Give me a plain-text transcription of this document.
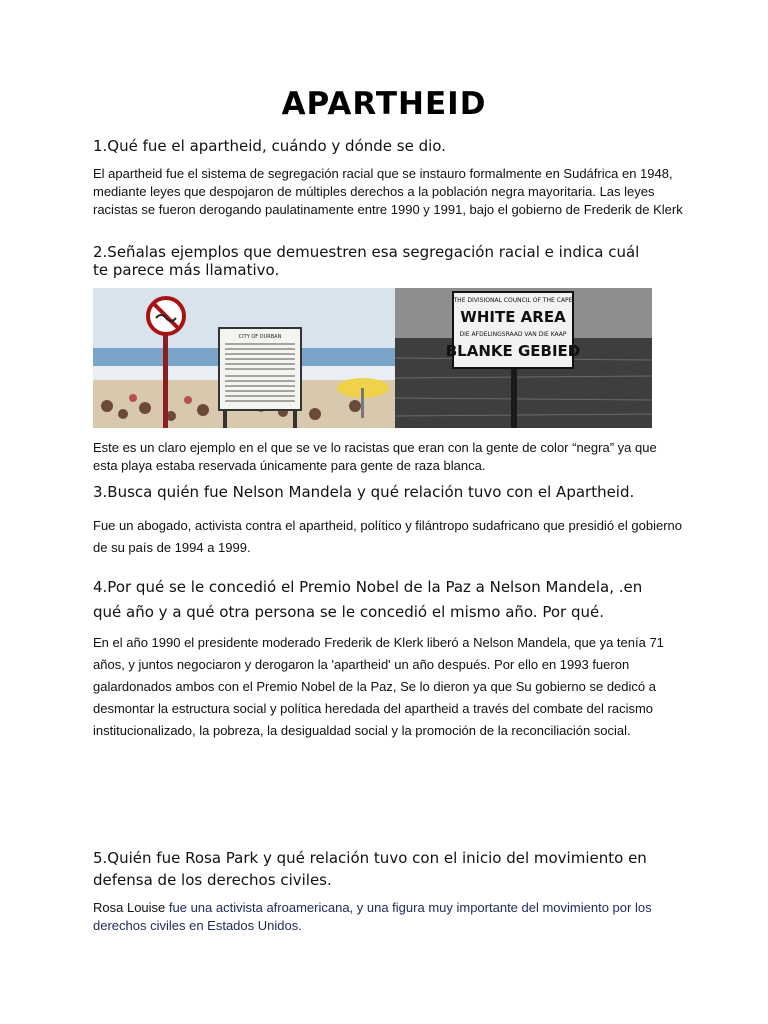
APARTHEID
1.Qué fue el apartheid, cuándo y dónde se dio.
El apartheid fue el sistema de segregación racial que se instauro formalmente en Sudáfrica en 1948, mediante leyes que despojaron de múltiples derechos a la población negra mayoritaria. Las leyes racistas se fueron derogando paulatinamente entre 1990 y 1991, bajo el gobierno de Frederik de Klerk
2.Señalas ejemplos que demuestren esa segregación racial e indica cuál te parece más llamativo.
CITY OF DURBAN
THE DIVISIONAL COUNCIL OF THE CAPE
WHITE AREA
DIE AFDELINGSRAAD VAN DIE KAAP
BLANKE GEBIED
Este es un claro ejemplo en el que se ve lo racistas que eran con la gente de color “negra” ya que esta playa estaba reservada únicamente para gente de raza blanca.
3.Busca quién fue Nelson Mandela y qué relación tuvo con el Apartheid.
Fue un abogado, activista contra el apartheid, político y filántropo sudafricano que presidió el gobierno de su país de 1994 a 1999.
4.Por qué se le concedió el Premio Nobel de la Paz a Nelson Mandela, .en qué año y a qué otra persona se le concedió el mismo año. Por qué.
En el año 1990 el presidente moderado Frederik de Klerk liberó a Nelson Mandela, que ya tenía 71 años, y juntos negociaron y derogaron la 'apartheid' un año después. Por ello en 1993 fueron galardonados ambos con el Premio Nobel de la Paz, Se lo dieron ya que Su gobierno se dedicó a desmontar la estructura social y política heredada del apartheid a través del combate del racismo institucionalizado, la pobreza, la desigualdad social y la promoción de la reconciliación social.
5.Quién fue Rosa Park y qué relación tuvo con el inicio del movimiento en defensa de los derechos civiles.
Rosa Louise fue una activista afroamericana, y una figura muy importante del movimiento por los derechos civiles en Estados Unidos.
